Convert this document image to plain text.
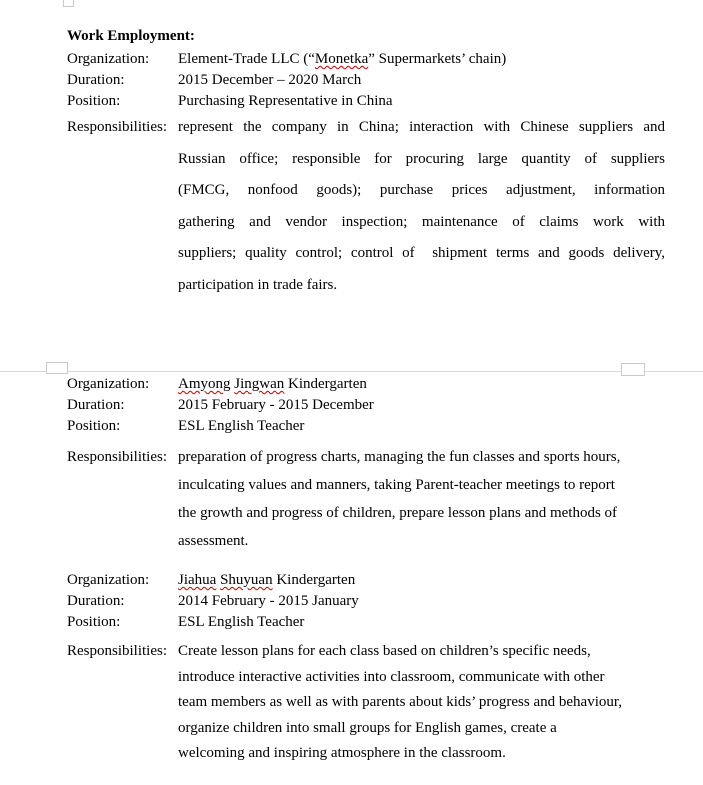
Work Employment:
Organization:	Element-Trade LLC (“Monetka” Supermarkets’ chain)
Duration:	2015 December – 2020 March
Position:	Purchasing Representative in China
Responsibilities: represent the company in China; interaction with Chinese suppliers and
Russian office; responsible for procuring large quantity of suppliers
(FMCG, nonfood goods); purchase prices adjustment, information
gathering and vendor inspection; maintenance of claims work with
suppliers; quality control; control of  shipment terms and goods delivery,
participation in trade fairs.
Organization:	Amyong Jingwan Kindergarten
Duration:	2015 February - 2015 December
Position:	ESL English Teacher
Responsibilities: preparation of progress charts, managing the fun classes and sports hours,
inculcating values and manners, taking Parent-teacher meetings to report
the growth and progress of children, prepare lesson plans and methods of
assessment.
Organization:	Jiahua Shuyuan Kindergarten
Duration:	2014 February - 2015 January
Position:	ESL English Teacher
Responsibilities: Create lesson plans for each class based on children’s specific needs,
introduce interactive activities into classroom, communicate with other
team members as well as with parents about kids’ progress and behaviour,
organize children into small groups for English games, create a
welcoming and inspiring atmosphere in the classroom.
